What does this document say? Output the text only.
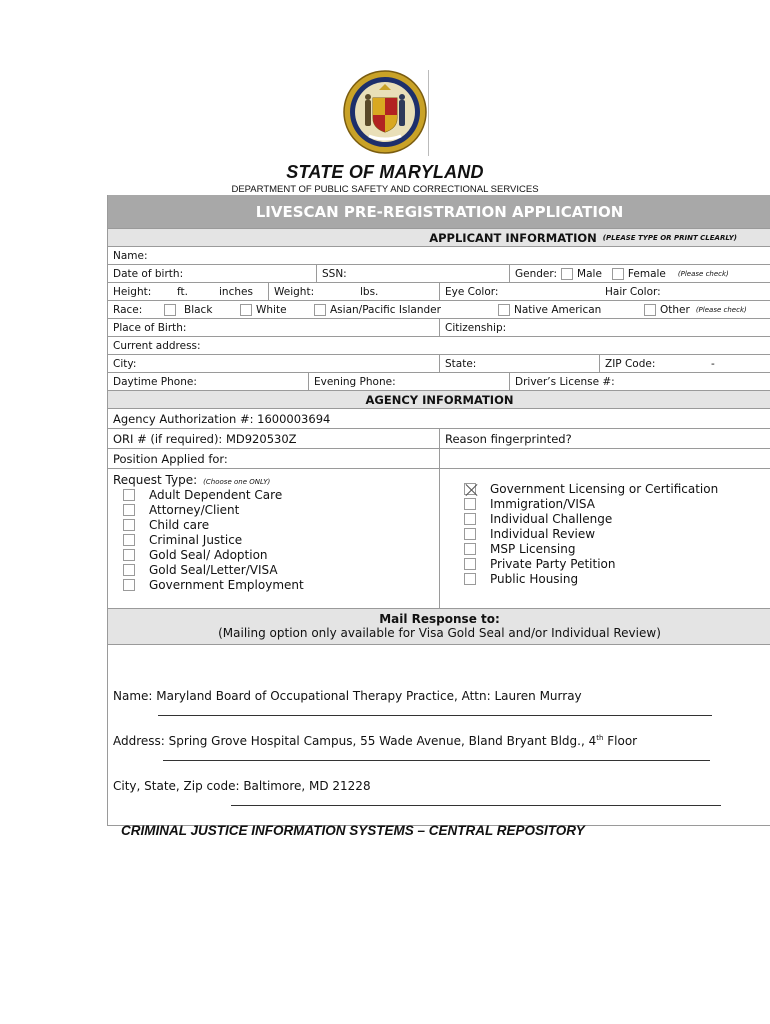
STATE OF MARYLAND
DEPARTMENT OF PUBLIC SAFETY AND CORRECTIONAL SERVICES
LIVESCAN PRE-REGISTRATION APPLICATION
APPLICANT INFORMATION (PLEASE TYPE OR PRINT CLEARLY)
Name:
Date of birth:	SSN:	Gender: Male Female (Please check)
Height:	ft.	inches Weight:	lbs.	Eye Color:	Hair Color:
Race:	Black	White	Asian/Pacific Islander	Native American	Other (Please check)
Place of Birth:	Citizenship:
Current address:
City:	State:	ZIP Code:	-
Daytime Phone:	Evening Phone:	Driver’s License #:
AGENCY INFORMATION
Agency Authorization #: 1600003694
ORI # (if required): MD920530Z	Reason fingerprinted?
Position Applied for:
Request Type: (Choose one ONLY)
Adult Dependent Care
Attorney/Client
Child care
Criminal Justice
Gold Seal/ Adoption
Gold Seal/Letter/VISA
Government Employment
Government Licensing or Certification
Immigration/VISA
Individual Challenge
Individual Review
MSP Licensing
Private Party Petition
Public Housing
Mail Response to:
(Mailing option only available for Visa Gold Seal and/or Individual Review)
Name: Maryland Board of Occupational Therapy Practice, Attn: Lauren Murray
Address: Spring Grove Hospital Campus, 55 Wade Avenue, Bland Bryant Bldg., 4th Floor
City, State, Zip code: Baltimore, MD 21228
CRIMINAL JUSTICE INFORMATION SYSTEMS – CENTRAL REPOSITORY
